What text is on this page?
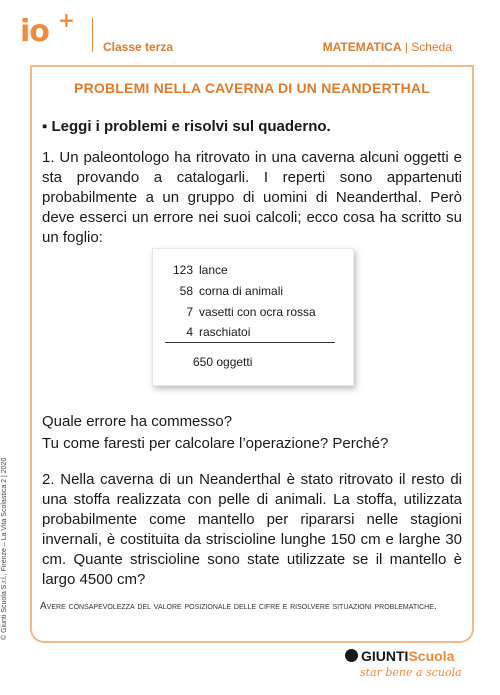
io +
Classe terza	MATEMATICA | Scheda
PROBLEMI NELLA CAVERNA DI UN NEANDERTHAL
▪ Leggi i problemi e risolvi sul quaderno.
1. Un paleontologo ha ritrovato in una caverna alcuni oggetti e sta provando a catalogarli. I reperti sono appartenuti probabilmente a un gruppo di uomini di Neanderthal. Però deve esserci un errore nei suoi calcoli; ecco cosa ha scritto su un foglio:
123 lance
58 corna di animali
7 vasetti con ocra rossa
4 raschiatoi
650 oggetti
Quale errore ha commesso?
Tu come faresti per calcolare l’operazione? Perché?
2. Nella caverna di un Neanderthal è stato ritrovato il resto di una stoffa realizzata con pelle di animali. La stoffa, utilizzata probabilmente come mantello per ripararsi nelle stagioni invernali, è costituita da striscioline lunghe 150 cm e larghe 30 cm. Quante striscioline sono state utilizzate se il mantello è largo 4500 cm?
Avere consapevolezza del valore posizionale delle cifre e risolvere situazioni problematiche.
© Giunti Scuola S.r.l., Firenze – La Vita Scolastica 2 | 2020
GIUNTIScuola
star bene a scuola
